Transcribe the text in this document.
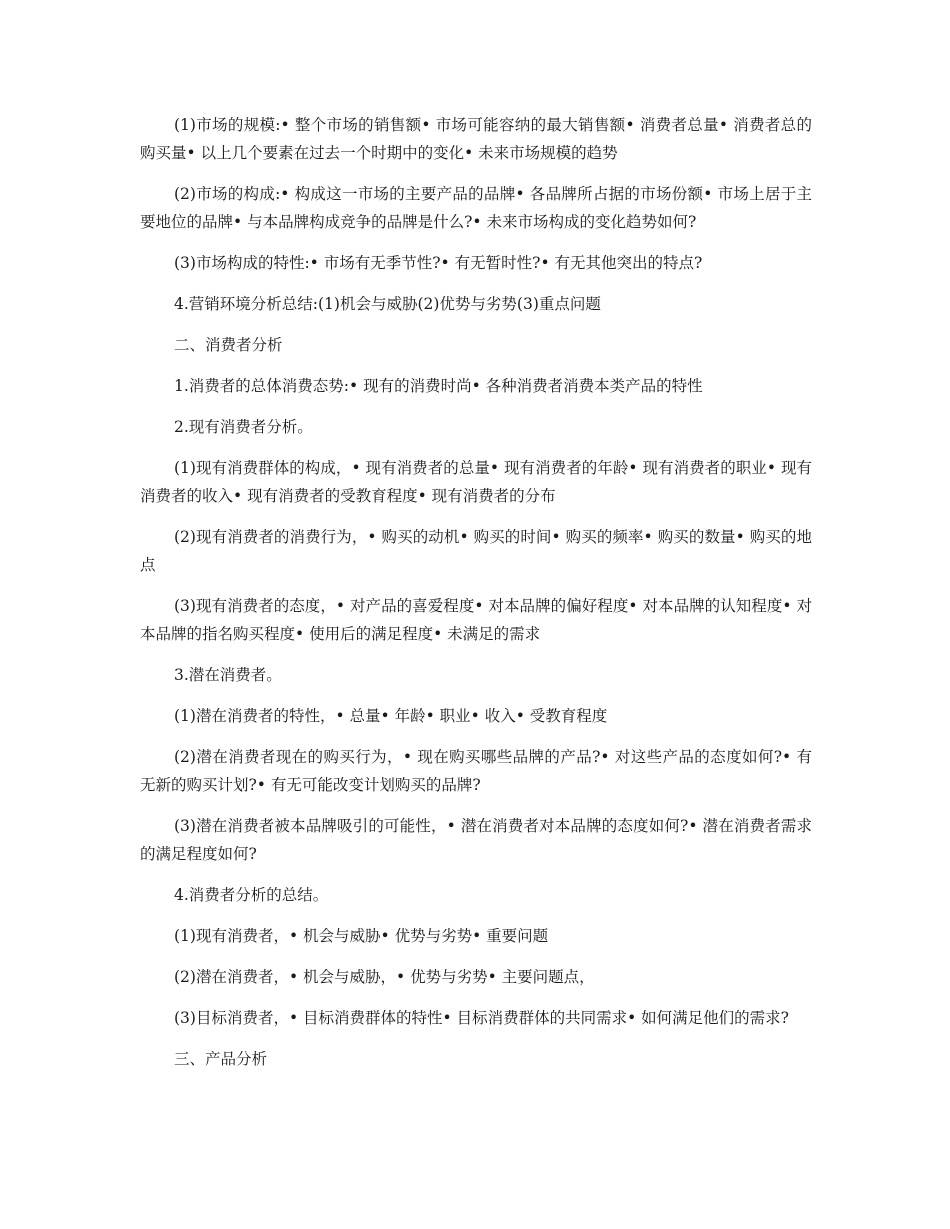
(1)市场的规模:• 整个市场的销售额• 市场可能容纳的最大销售额• 消费者总量• 消费者总的购买量• 以上几个要素在过去一个时期中的变化• 未来市场规模的趋势

(2)市场的构成:• 构成这一市场的主要产品的品牌• 各品牌所占据的市场份额• 市场上居于主要地位的品牌• 与本品牌构成竞争的品牌是什么?• 未来市场构成的变化趋势如何?

(3)市场构成的特性:• 市场有无季节性?• 有无暂时性?• 有无其他突出的特点?

4.营销环境分析总结:(1)机会与威胁(2)优势与劣势(3)重点问题

二、消费者分析

1.消费者的总体消费态势:• 现有的消费时尚• 各种消费者消费本类产品的特性

2.现有消费者分析。

(1)现有消费群体的构成，• 现有消费者的总量• 现有消费者的年龄• 现有消费者的职业• 现有消费者的收入• 现有消费者的受教育程度• 现有消费者的分布

(2)现有消费者的消费行为，• 购买的动机• 购买的时间• 购买的频率• 购买的数量• 购买的地点

(3)现有消费者的态度，• 对产品的喜爱程度• 对本品牌的偏好程度• 对本品牌的认知程度• 对本品牌的指名购买程度• 使用后的满足程度• 未满足的需求

3.潜在消费者。

(1)潜在消费者的特性，• 总量• 年龄• 职业• 收入• 受教育程度

(2)潜在消费者现在的购买行为，• 现在购买哪些品牌的产品?• 对这些产品的态度如何?• 有无新的购买计划?• 有无可能改变计划购买的品牌?

(3)潜在消费者被本品牌吸引的可能性，• 潜在消费者对本品牌的态度如何?• 潜在消费者需求的满足程度如何?

4.消费者分析的总结。

(1)现有消费者，• 机会与威胁• 优势与劣势• 重要问题

(2)潜在消费者，• 机会与威胁，• 优势与劣势• 主要问题点，

(3)目标消费者，• 目标消费群体的特性• 目标消费群体的共同需求• 如何满足他们的需求?

三、产品分析
